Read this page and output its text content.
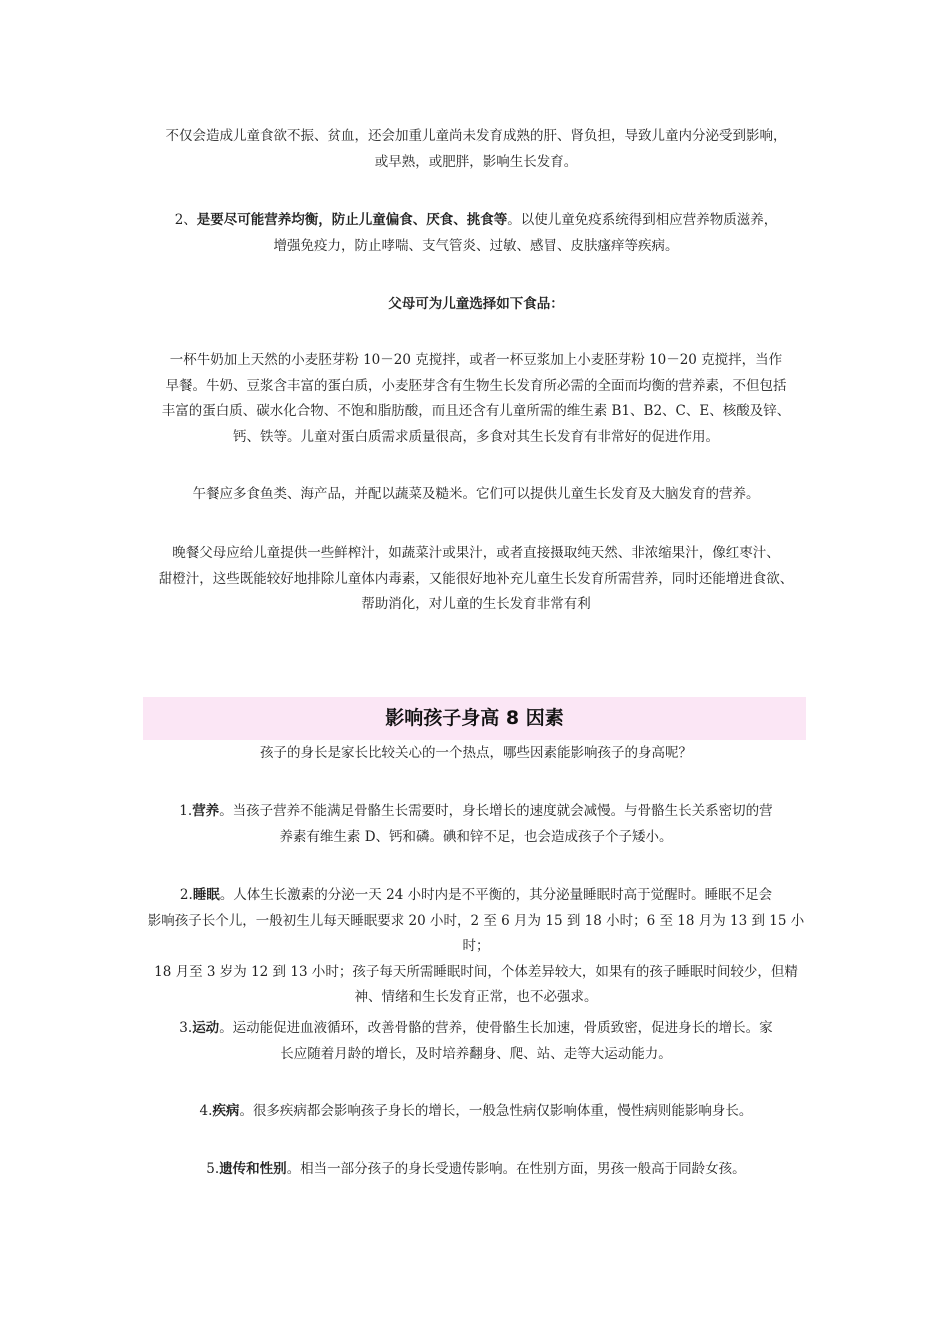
不仅会造成儿童食欲不振、贫血，还会加重儿童尚未发育成熟的肝、肾负担，导致儿童内分泌受到影响，
或早熟，或肥胖，影响生长发育。
2、是要尽可能营养均衡，防止儿童偏食、厌食、挑食等。以使儿童免疫系统得到相应营养物质滋养，
增强免疫力，防止哮喘、支气管炎、过敏、感冒、皮肤瘙痒等疾病。
父母可为儿童选择如下食品：
一杯牛奶加上天然的小麦胚芽粉 10－20 克搅拌，或者一杯豆浆加上小麦胚芽粉 10－20 克搅拌，当作
早餐。牛奶、豆浆含丰富的蛋白质，小麦胚芽含有生物生长发育所必需的全面而均衡的营养素，不但包括
丰富的蛋白质、碳水化合物、不饱和脂肪酸，而且还含有儿童所需的维生素 B1、B2、C、E、核酸及锌、
钙、铁等。儿童对蛋白质需求质量很高，多食对其生长发育有非常好的促进作用。
午餐应多食鱼类、海产品，并配以蔬菜及糙米。它们可以提供儿童生长发育及大脑发育的营养。
晚餐父母应给儿童提供一些鲜榨汁，如蔬菜汁或果汁，或者直接摄取纯天然、非浓缩果汁，像红枣汁、
甜橙汁，这些既能较好地排除儿童体内毒素，又能很好地补充儿童生长发育所需营养，同时还能增进食欲、
帮助消化，对儿童的生长发育非常有利
影响孩子身高 8 因素
孩子的身长是家长比较关心的一个热点，哪些因素能影响孩子的身高呢？
1.营养。当孩子营养不能满足骨骼生长需要时，身长增长的速度就会减慢。与骨骼生长关系密切的营
养素有维生素 D、钙和磷。碘和锌不足，也会造成孩子个子矮小。
2.睡眠。人体生长激素的分泌一天 24 小时内是不平衡的，其分泌量睡眠时高于觉醒时。睡眠不足会
影响孩子长个儿，一般初生儿每天睡眠要求 20 小时，2 至 6 月为 15 到 18 小时；6 至 18 月为 13 到 15 小时；
18 月至 3 岁为 12 到 13 小时；孩子每天所需睡眠时间，个体差异较大，如果有的孩子睡眠时间较少，但精
神、情绪和生长发育正常，也不必强求。
3.运动。运动能促进血液循环，改善骨骼的营养，使骨骼生长加速，骨质致密，促进身长的增长。家
长应随着月龄的增长，及时培养翻身、爬、站、走等大运动能力。
4.疾病。很多疾病都会影响孩子身长的增长，一般急性病仅影响体重，慢性病则能影响身长。
5.遗传和性别。相当一部分孩子的身长受遗传影响。在性别方面，男孩一般高于同龄女孩。
